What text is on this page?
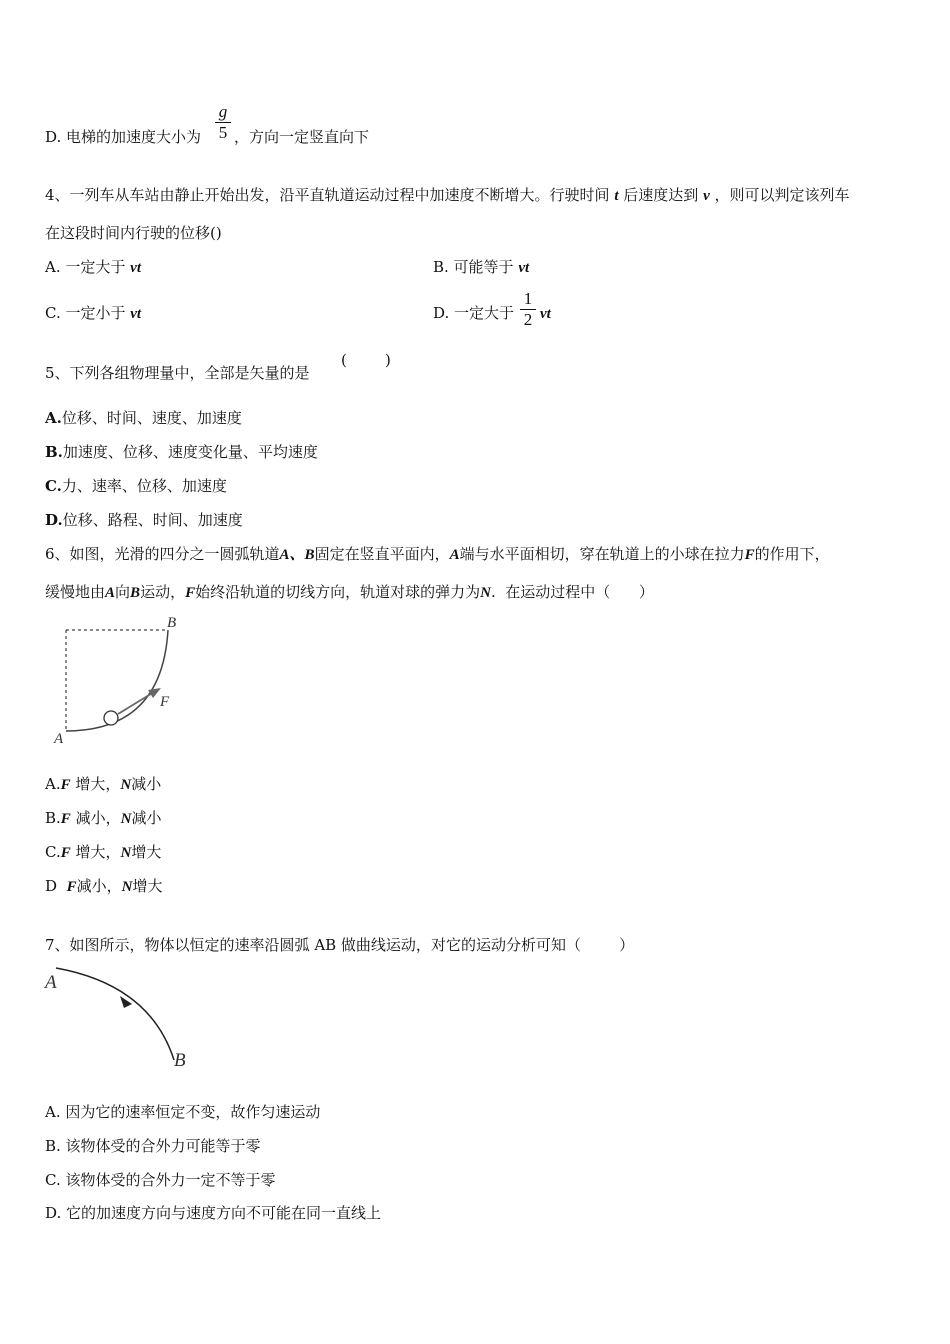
D. 电梯的加速度大小为
g
5 ，方向一定竖直向下
4、一列车从车站由静止开始出发，沿平直轨道运动过程中加速度不断增大。行驶时间 t 后速度达到 v ，则可以判定该列车
在这段时间内行驶的位移()
A. 一定大于 vt	B. 可能等于 vt
C. 一定小于 vt	D. 一定大于
1
2 vt
5、下列各组物理量中，全部是矢量的是
(        )
A.位移、时间、速度、加速度
B.加速度、位移、速度变化量、平均速度
C.力、速率、位移、加速度
D.位移、路程、时间、加速度
6、如图，光滑的四分之一圆弧轨道A、B固定在竖直平面内，A端与水平面相切，穿在轨道上的小球在拉力F的作用下，
缓慢地由A向B运动，F始终沿轨道的切线方向，轨道对球的弹力为N.  在运动过程中（      ）
B
F
A
A.F 增大，N减小
B.F 减小，N减小
C.F 增大，N增大
D F减小，N增大
7、如图所示，物体以恒定的速率沿圆弧 AB 做曲线运动，对它的运动分析可知（        ）
A
B
A. 因为它的速率恒定不变，故作匀速运动
B. 该物体受的合外力可能等于零
C. 该物体受的合外力一定不等于零
D. 它的加速度方向与速度方向不可能在同一直线上
